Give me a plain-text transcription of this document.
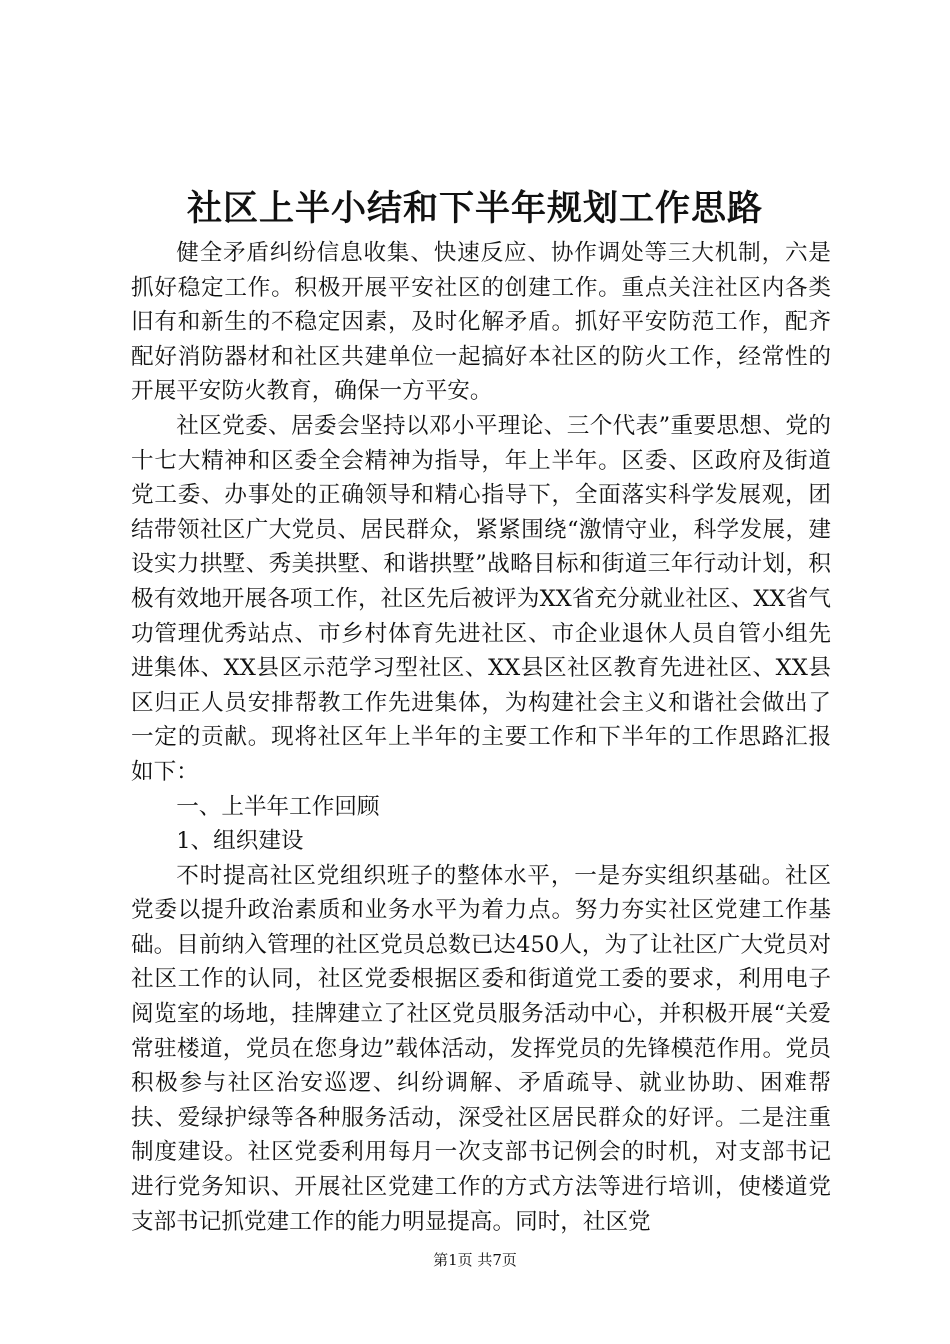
社区上半小结和下半年规划工作思路

健全矛盾纠纷信息收集、快速反应、协作调处等三大机制，六是抓好稳定工作。积极开展平安社区的创建工作。重点关注社区内各类旧有和新生的不稳定因素，及时化解矛盾。抓好平安防范工作，配齐配好消防器材和社区共建单位一起搞好本社区的防火工作，经常性的开展平安防火教育，确保一方平安。

社区党委、居委会坚持以邓小平理论、三个代表”重要思想、党的十七大精神和区委全会精神为指导，年上半年。区委、区政府及街道党工委、办事处的正确领导和精心指导下，全面落实科学发展观，团结带领社区广大党员、居民群众，紧紧围绕“激情守业，科学发展，建设实力拱墅、秀美拱墅、和谐拱墅”战略目标和街道三年行动计划，积极有效地开展各项工作，社区先后被评为XX省充分就业社区、XX省气功管理优秀站点、市乡村体育先进社区、市企业退休人员自管小组先进集体、XX县区示范学习型社区、XX县区社区教育先进社区、XX县区归正人员安排帮教工作先进集体，为构建社会主义和谐社会做出了一定的贡献。现将社区年上半年的主要工作和下半年的工作思路汇报如下：

一、上半年工作回顾

1、组织建设

不时提高社区党组织班子的整体水平，一是夯实组织基础。社区党委以提升政治素质和业务水平为着力点。努力夯实社区党建工作基础。目前纳入管理的社区党员总数已达450人，为了让社区广大党员对社区工作的认同，社区党委根据区委和街道党工委的要求，利用电子阅览室的场地，挂牌建立了社区党员服务活动中心，并积极开展“关爱常驻楼道，党员在您身边”载体活动，发挥党员的先锋模范作用。党员积极参与社区治安巡逻、纠纷调解、矛盾疏导、就业协助、困难帮扶、爱绿护绿等各种服务活动，深受社区居民群众的好评。二是注重制度建设。社区党委利用每月一次支部书记例会的时机，对支部书记进行党务知识、开展社区党建工作的方式方法等进行培训，使楼道党支部书记抓党建工作的能力明显提高。同时，社区党

第1页 共7页
